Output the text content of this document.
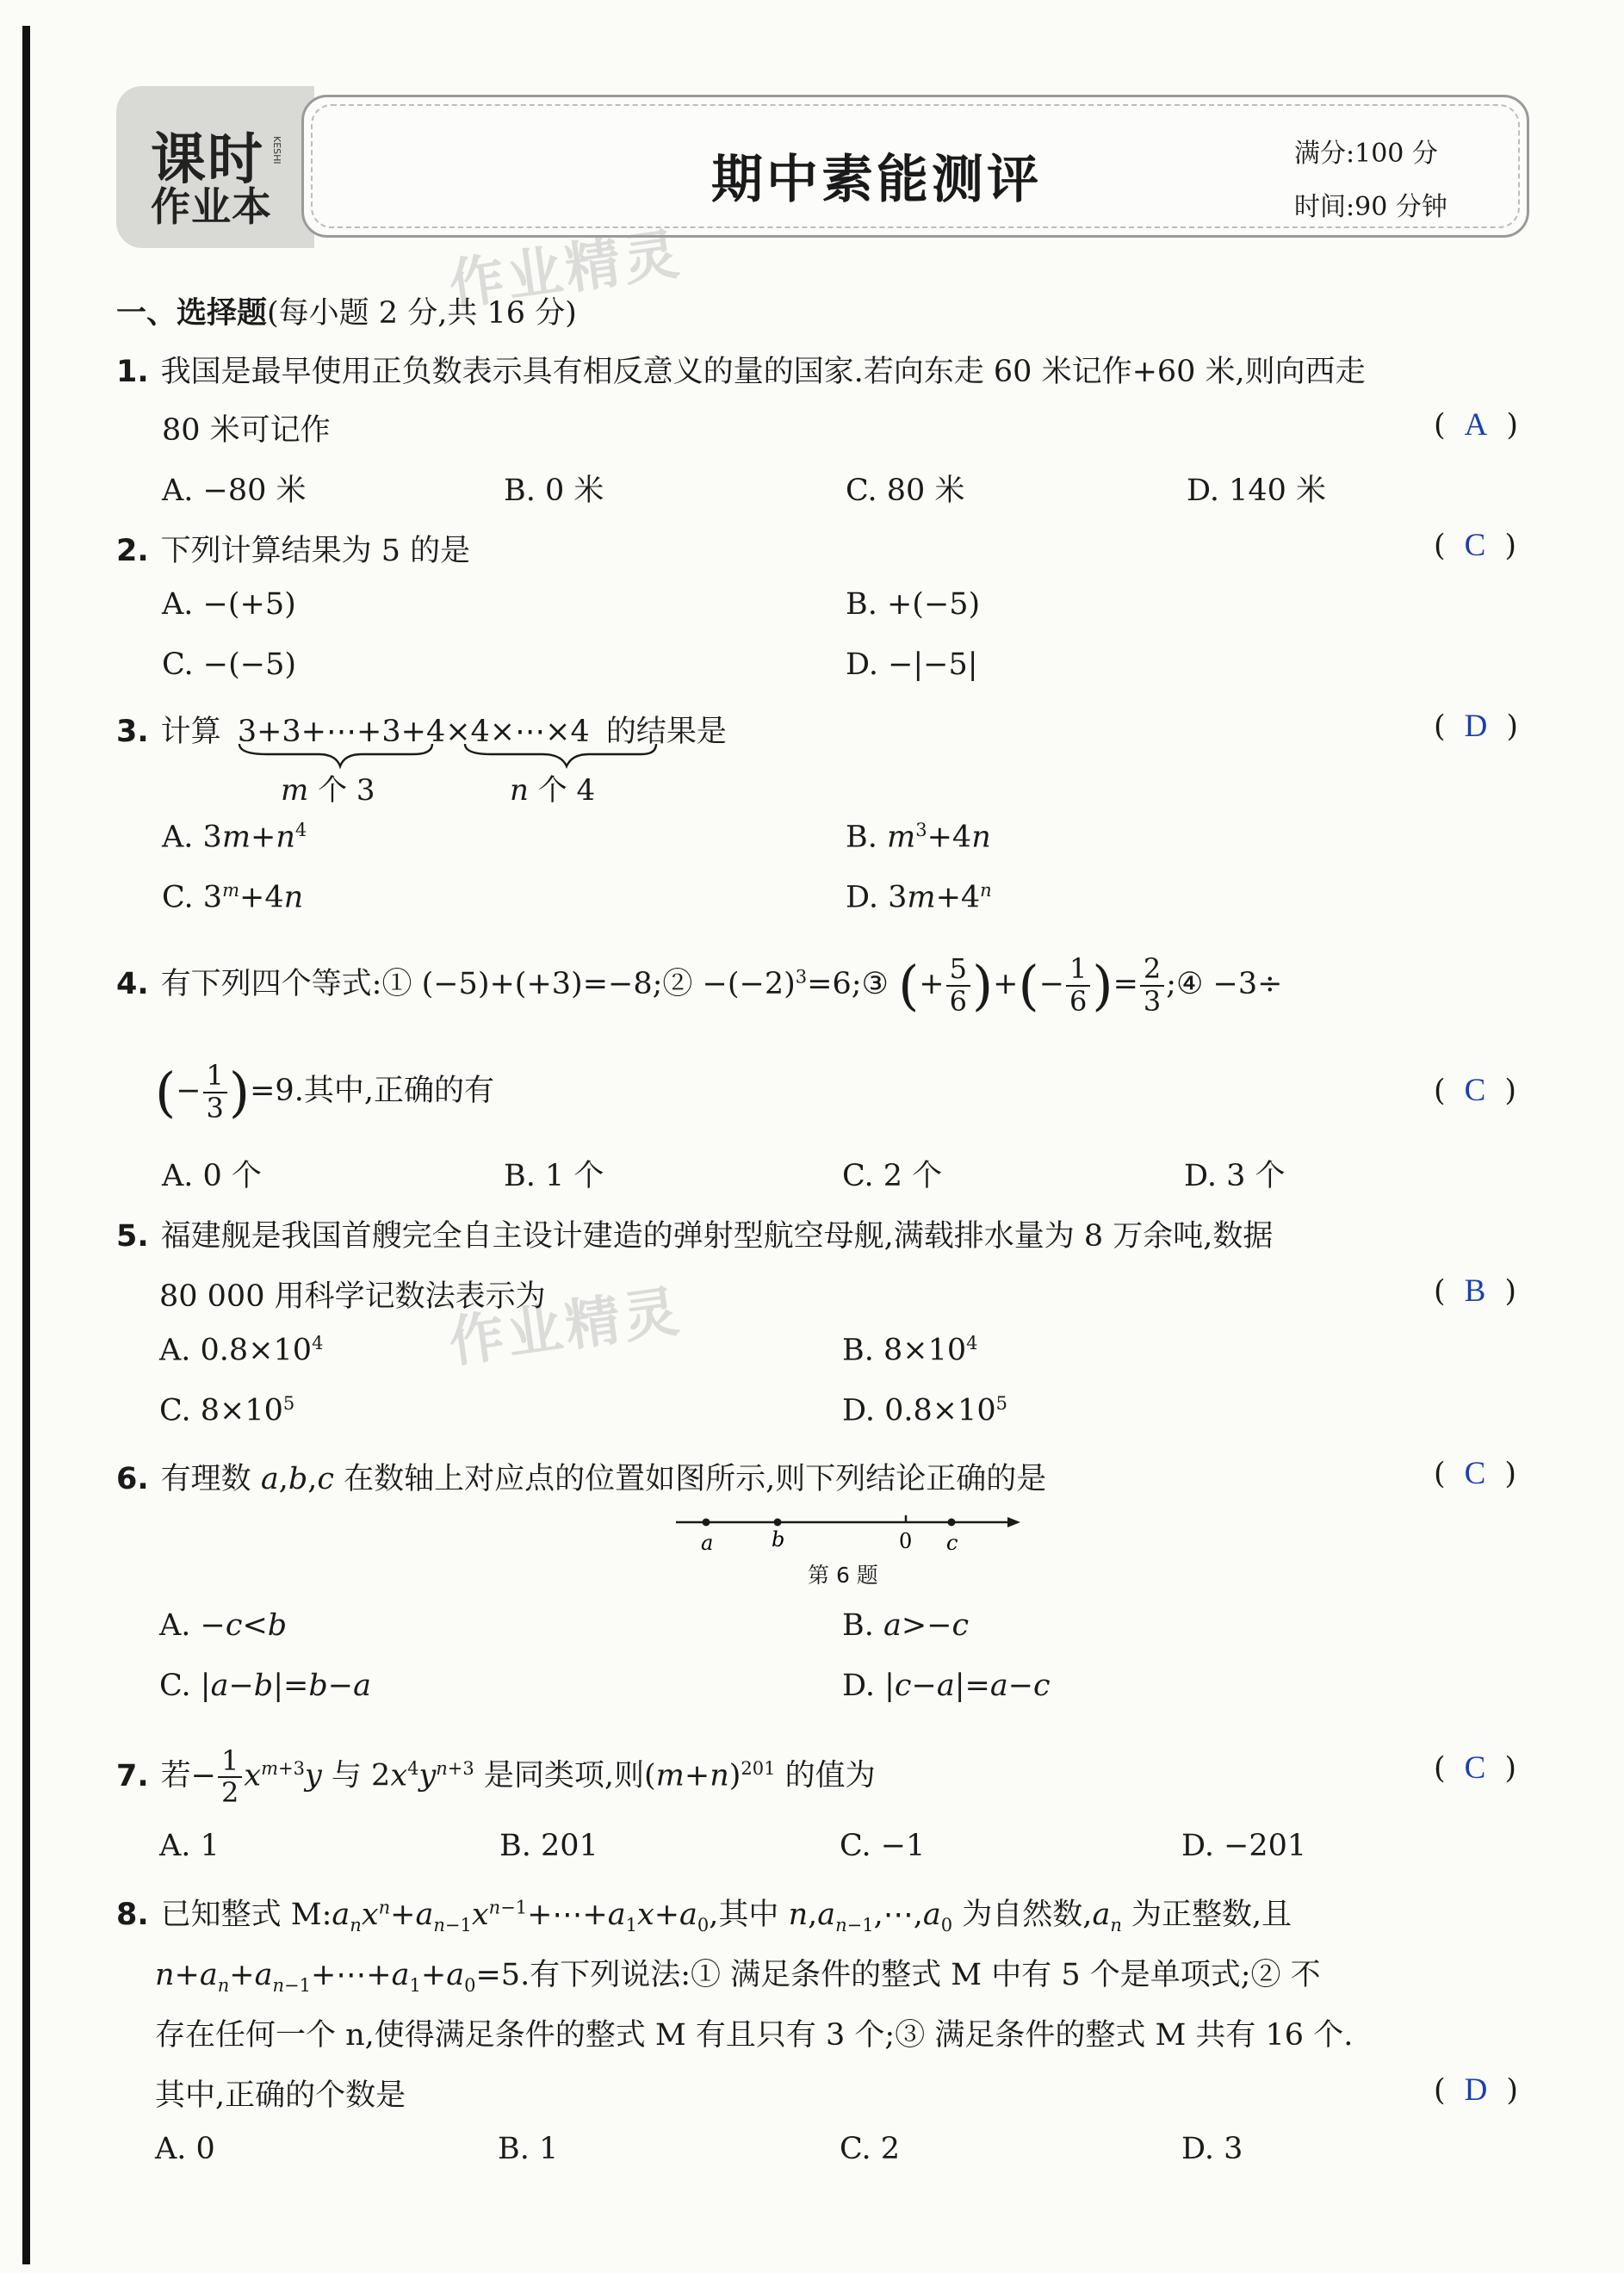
课时
作业本
KESHI	期中素能测评	满分:100 分
时间:90 分钟
作业精灵
作业精灵
一、选择题(每小题 2 分,共 16 分)
1. 我国是最早使用正负数表示具有相反意义的量的国家.若向东走 60 米记作+60 米,则向西走
80 米可记作	( A )
A. −80 米	B. 0 米	C. 80 米	D. 140 米
2. 下列计算结果为 5 的是	( C )
A. −(+5)	B. +(−5)
C. −(−5)	D. −|−5|
3. 计算 3+3+⋯+3+4×4×⋯×4 的结果是
m 个 3	n 个 4
( D )
A. $3m+n^4$	B. $m^3+4n$
C. $3^m+4n$	D. $3m+4^n$
4. 有下列四个等式:① (−5)+(+3)=−8;② $-(-2)^3=6;③$ (+ $\frac{5}{6}$ )+(− $\frac{1}{6}$ )= $\frac{2}{3}$ ;④ −3÷
(− $\frac{1}{3} )=9$.其中,正确的有	( C )
A. 0 个	B. 1 个	C. 2 个	D. 3 个
5. 福建舰是我国首艘完全自主设计建造的弹射型航空母舰,满载排水量为 8 万余吨,数据
80 000 用科学记数法表示为	( B )
A. $0.8\times 10^4$	B. $8\times 10^4$
C. $8\times 10^5$	D. $0.8\times 10^5$
6. 有理数 a,b,c 在数轴上对应点的位置如图所示,则下列结论正确的是	( C )
a	b	0 c
第 6 题
A. −c<b	B. a>−c
C. |a−b|=b−a	D. |c−a|=a−c
7. 若− $\frac{1}{2} x^{m+3}y$ 与 $2x^4y^{n+3}$ 是同类项,则$(m+n)^{201}$ 的值为	( C )
A. 1	B. 201	C. −1	D. −201
8. 已知整式 $M:a_nx^n+a_{n-1}x^{n-1}+\cdots+a_1x+a_0$,其中 $n,a_{n-1},\cdots,a_0$ 为自然数$,a_n$ 为正整数,且
$n+a_n+a_{n-1}+\cdots+a_1+a_0=5$.有下列说法:① 满足条件的整式 M 中有 5 个是单项式;② 不
存在任何一个 n,使得满足条件的整式 M 有且只有 3 个;③ 满足条件的整式 M 共有 16 个.
其中,正确的个数是	( D )
A. 0	B. 1	C. 2	D. 3
